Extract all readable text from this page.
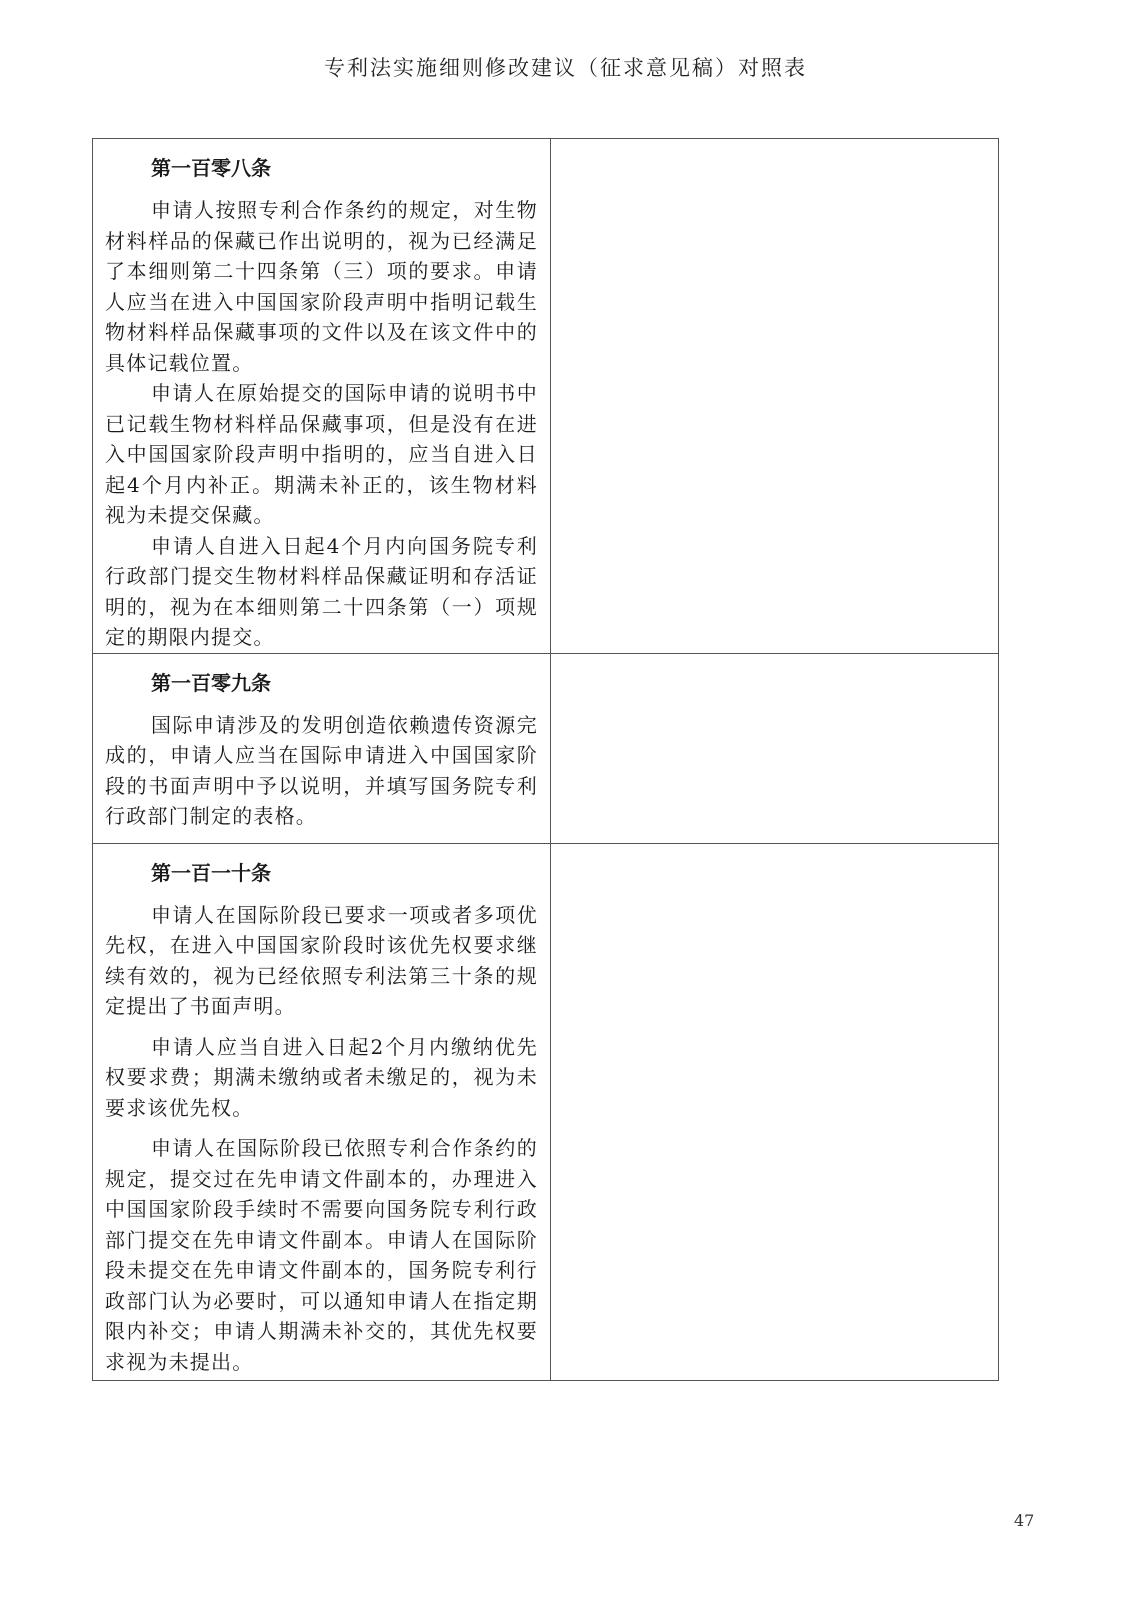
专利法实施细则修改建议（征求意见稿）对照表
第一百零八条

申请人按照专利合作条约的规定，对生物材料样品的保藏已作出说明的，视为已经满足了本细则第二十四条第（三）项的要求。申请人应当在进入中国国家阶段声明中指明记载生物材料样品保藏事项的文件以及在该文件中的具体记载位置。

申请人在原始提交的国际申请的说明书中已记载生物材料样品保藏事项，但是没有在进入中国国家阶段声明中指明的，应当自进入日起4个月内补正。期满未补正的，该生物材料视为未提交保藏。

申请人自进入日起4个月内向国务院专利行政部门提交生物材料样品保藏证明和存活证明的，视为在本细则第二十四条第（一）项规定的期限内提交。	

第一百零九条

国际申请涉及的发明创造依赖遗传资源完成的，申请人应当在国际申请进入中国国家阶段的书面声明中予以说明，并填写国务院专利行政部门制定的表格。	

第一百一十条

申请人在国际阶段已要求一项或者多项优先权，在进入中国国家阶段时该优先权要求继续有效的，视为已经依照专利法第三十条的规定提出了书面声明。

申请人应当自进入日起2个月内缴纳优先权要求费；期满未缴纳或者未缴足的，视为未要求该优先权。

申请人在国际阶段已依照专利合作条约的规定，提交过在先申请文件副本的，办理进入中国国家阶段手续时不需要向国务院专利行政部门提交在先申请文件副本。申请人在国际阶段未提交在先申请文件副本的，国务院专利行政部门认为必要时，可以通知申请人在指定期限内补交；申请人期满未补交的，其优先权要求视为未提出。	

47
